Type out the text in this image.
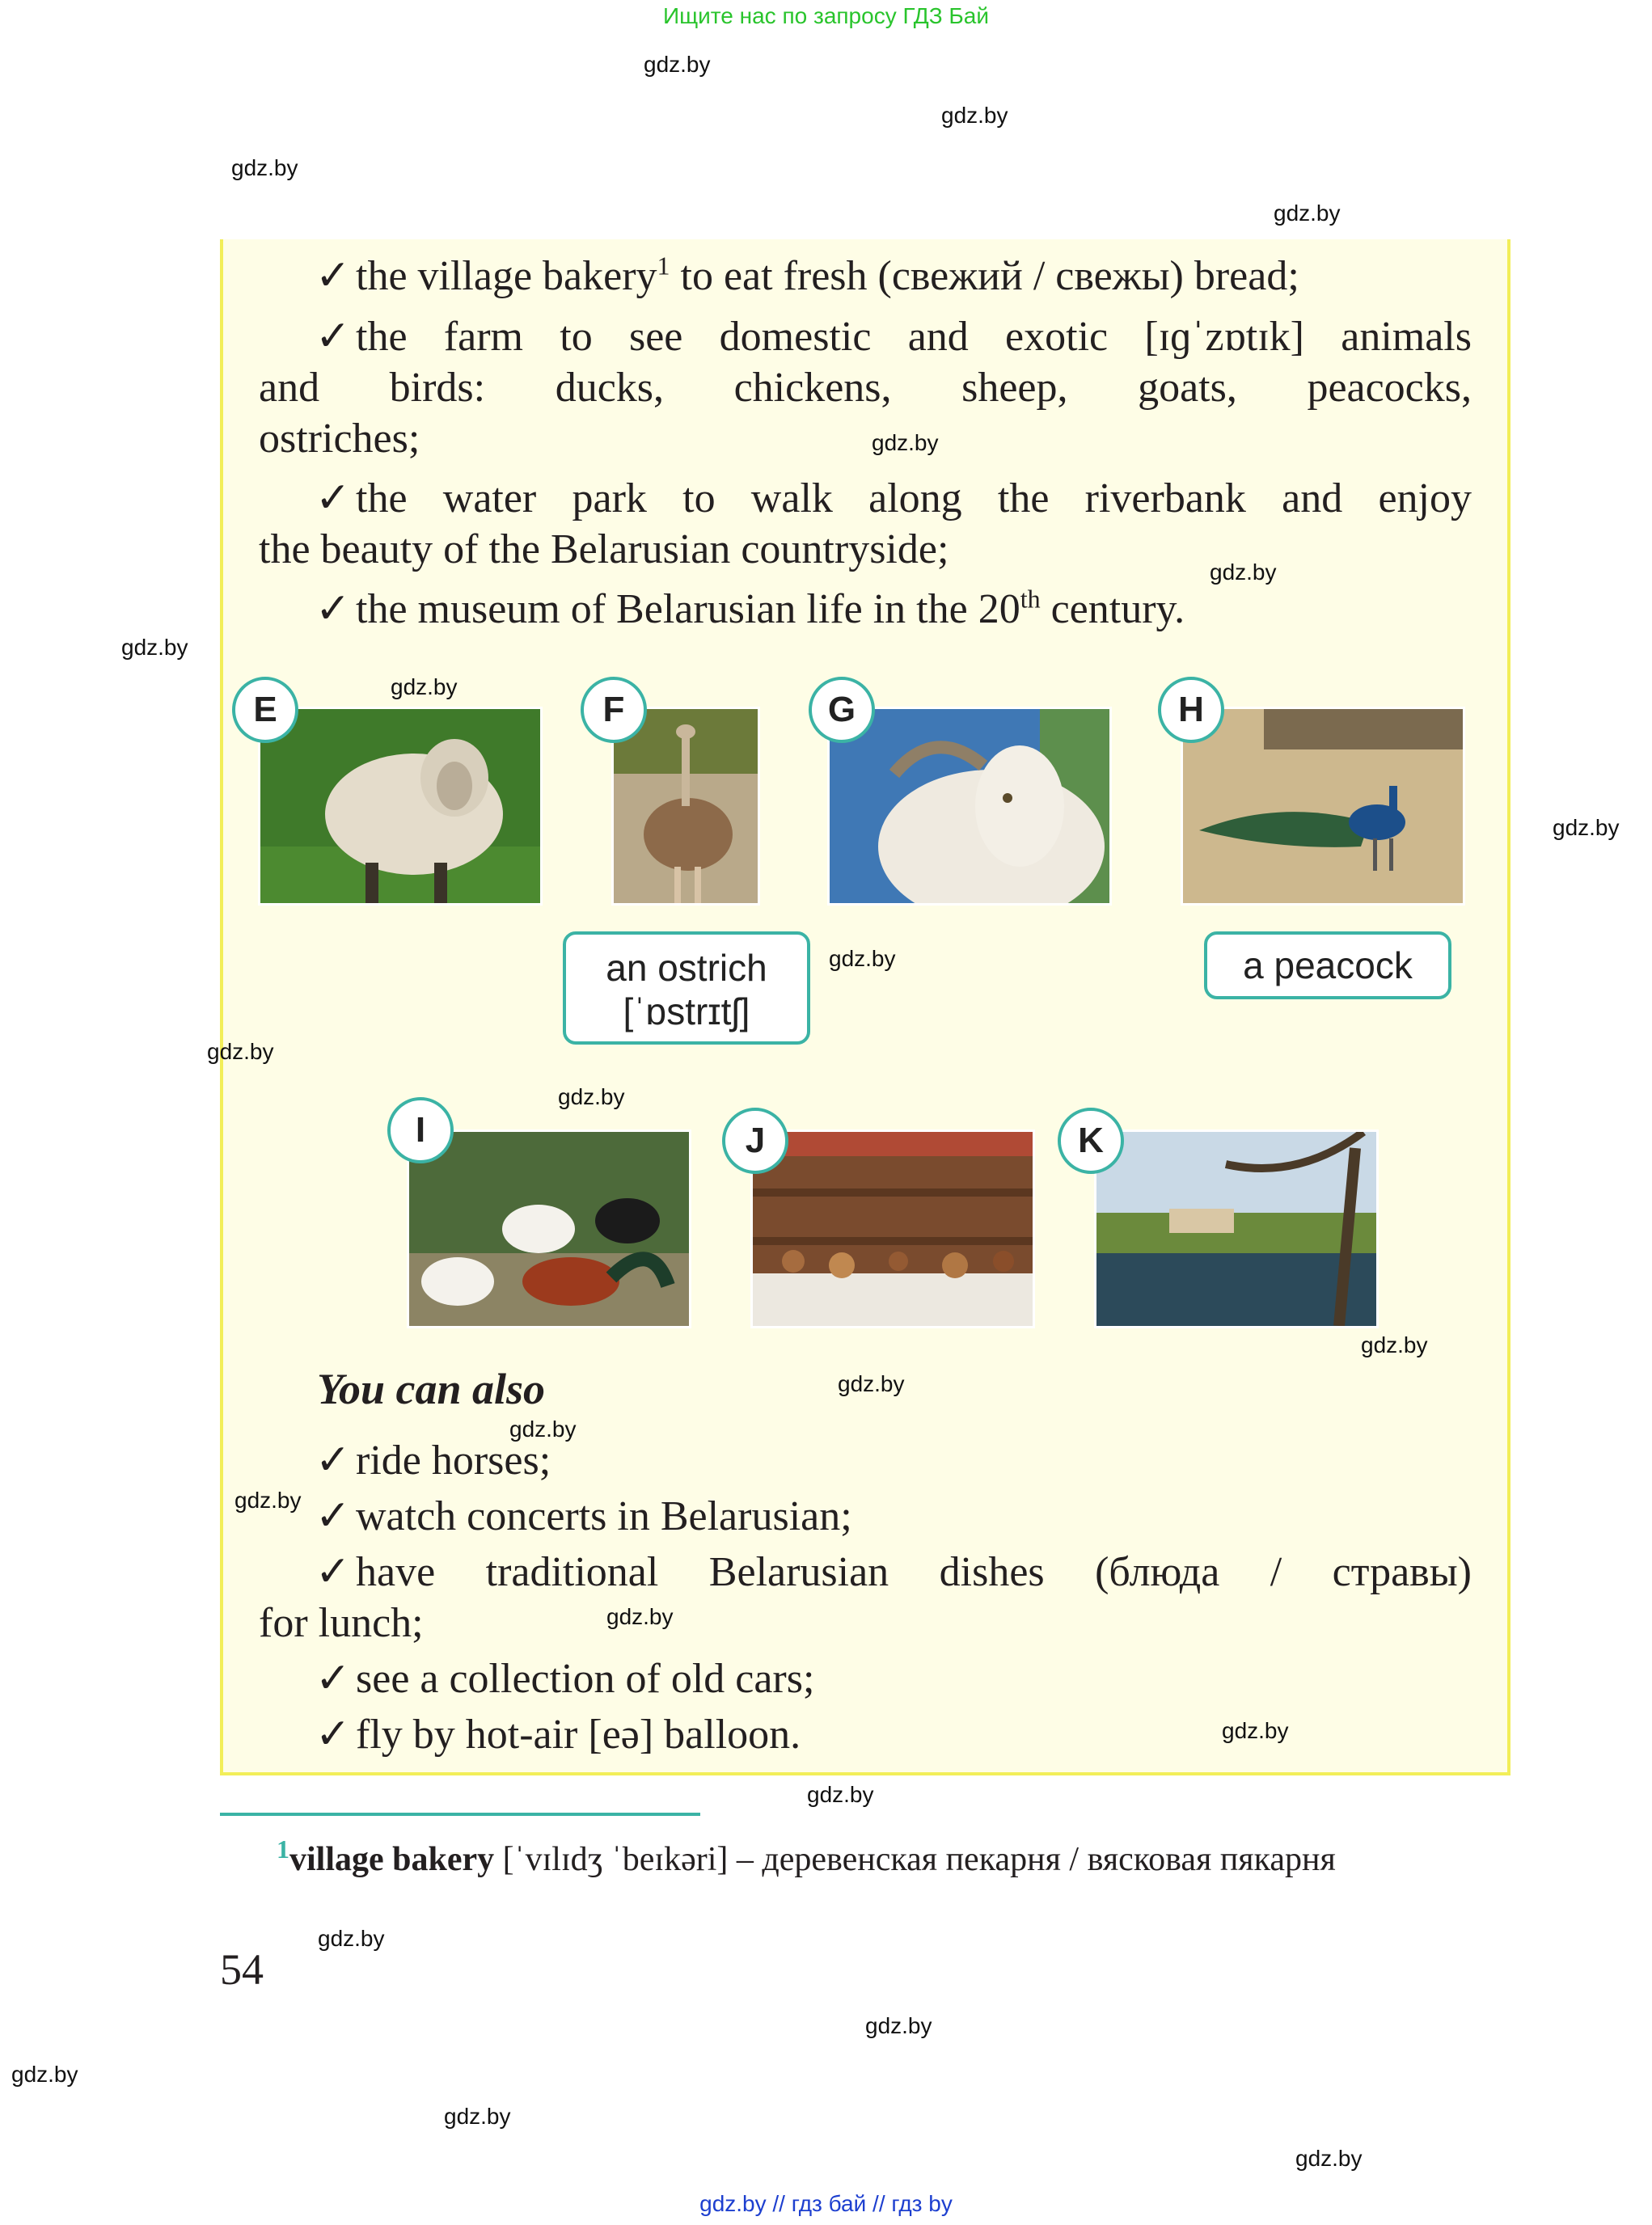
Ищите нас по запросу ГДЗ Бай
gdz.by
gdz.by
gdz.by
gdz.by
✓ the village bakery$^1$ to eat fresh (свежий / свежы) bread;
✓ the farm to see domestic and exotic [ɪɡˈzɒtɪk] animals
and birds: ducks, chickens, sheep, goats, peacocks,
ostriches;
✓ the water park to walk along the riverbank and enjoy
the beauty of the Belarusian countryside;
✓ the museum of Belarusian life in the 20th century.
gdz.by
gdz.by
gdz.by
gdz.by
gdz.by
E	F	G	H
an ostrich
[ˈɒstrɪtʃ]
a peacock
gdz.by
gdz.by
gdz.by
I	J	K
gdz.by
gdz.by
You can also
gdz.by
✓ ride horses;
gdz.by ✓ watch concerts in Belarusian;
✓ have traditional Belarusian dishes (блюда / стравы)
for lunch;	gdz.by
✓ see a collection of old cars;
✓ fly by hot-air [eə] balloon.	gdz.by
gdz.by
$^1$village bakery [ˈvɪlɪdʒ ˈbeɪkəri] – деревенская пекарня / вясковая пякарня
gdz.by
54
gdz.by
gdz.by
gdz.by
gdz.by
gdz.by // гдз бай // гдз by
